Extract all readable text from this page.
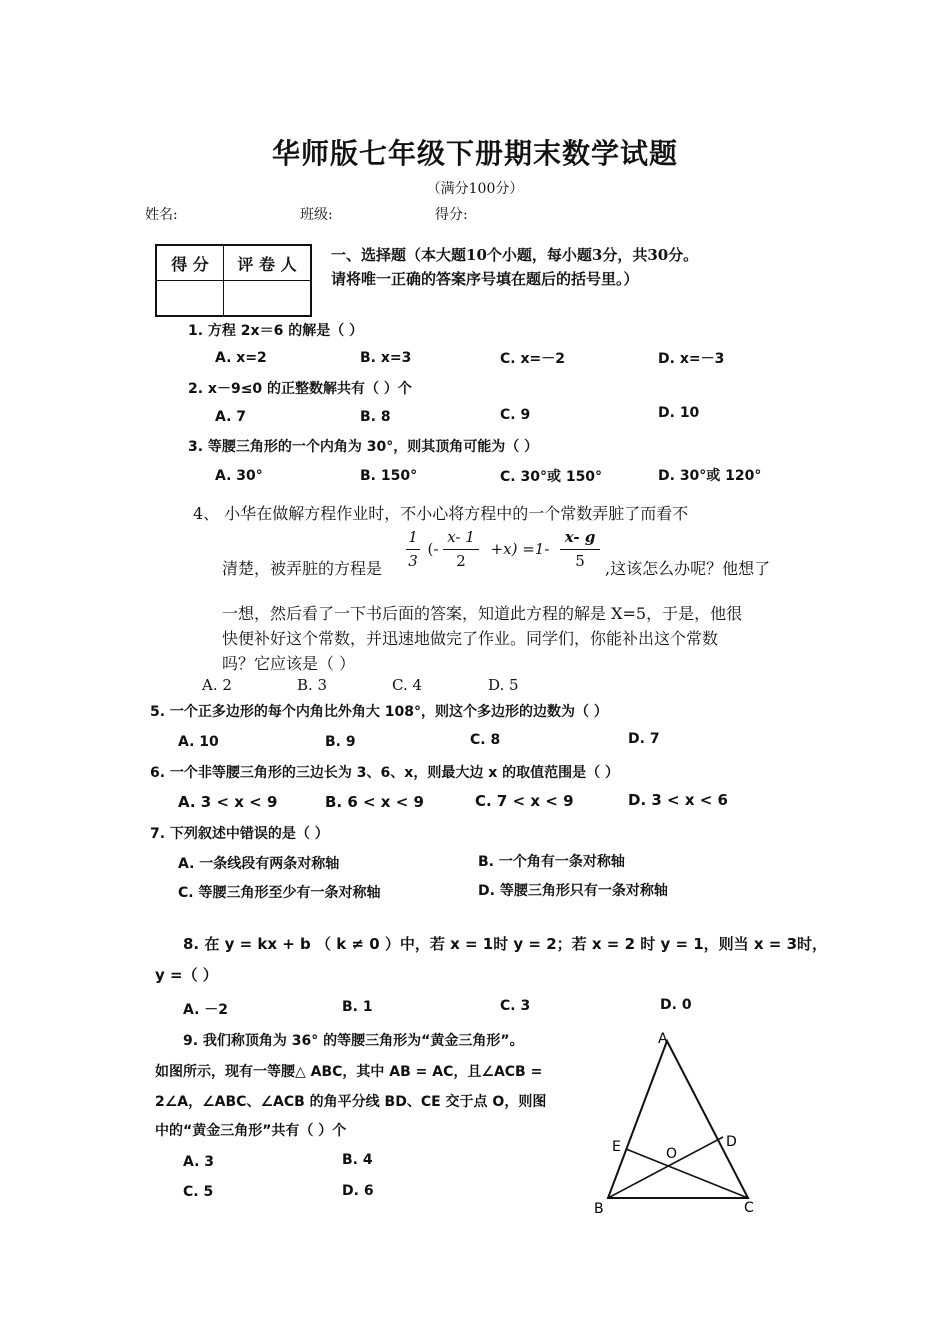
华师版七年级下册期末数学试题
（满分100分）
姓名:	班级:	得分:
得 分	评 卷 人
	一、选择题（本大题10个小题，每小题3分，共30分。
请将唯一正确的答案序号填在题后的括号里。）
1. 方程 2x＝6 的解是（ ）
A. x=2	B. x=3	C. x=－2	D. x=－3
2. x－9≤0 的正整数解共有（ ）个
A. 7	B. 8	C. 9	D. 10
3. 等腰三角形的一个内角为 30°，则其顶角可能为（ ）
A. 30°	B. 150°	C. 30°或 150°	D. 30°或 120°
4、 小华在做解方程作业时，不小心将方程中的一个常数弄脏了而看不
清楚，被弄脏的方程是
1
3
(-
x- 1
2
+x) =1-
x- g
5	,这该怎么办呢？他想了
一想，然后看了一下书后面的答案，知道此方程的解是 X=5，于是，他很
快便补好这个常数，并迅速地做完了作业。同学们，你能补出这个常数
吗？它应该是（ ）
A. 2	B. 3	C. 4	D. 5
5. 一个正多边形的每个内角比外角大 108°，则这个多边形的边数为（ ）
A. 10	B. 9	C. 8	D. 7
6. 一个非等腰三角形的三边长为 3、6、x，则最大边 x 的取值范围是（ ）
A. 3 < x < 9	B. 6 < x < 9	C. 7 < x < 9	D. 3 < x < 6
7. 下列叙述中错误的是（ ）
A. 一条线段有两条对称轴	B. 一个角有一条对称轴
C. 等腰三角形至少有一条对称轴	D. 等腰三角形只有一条对称轴
8. 在 y = kx + b （ k ≠ 0 ）中，若 x = 1时 y = 2；若 x = 2 时 y = 1，则当 x = 3时，
y =（ ）
A. －2	B. 1	C. 3	D. 0
9. 我们称顶角为 36° 的等腰三角形为“黄金三角形”。
如图所示，现有一等腰△ ABC，其中 AB = AC，且∠ACB =
2∠A，∠ABC、∠ACB 的角平分线 BD、CE 交于点 O，则图
中的“黄金三角形”共有（ ）个
A. 3	B. 4
C. 5	D. 6
A
B	C
D
E	O
